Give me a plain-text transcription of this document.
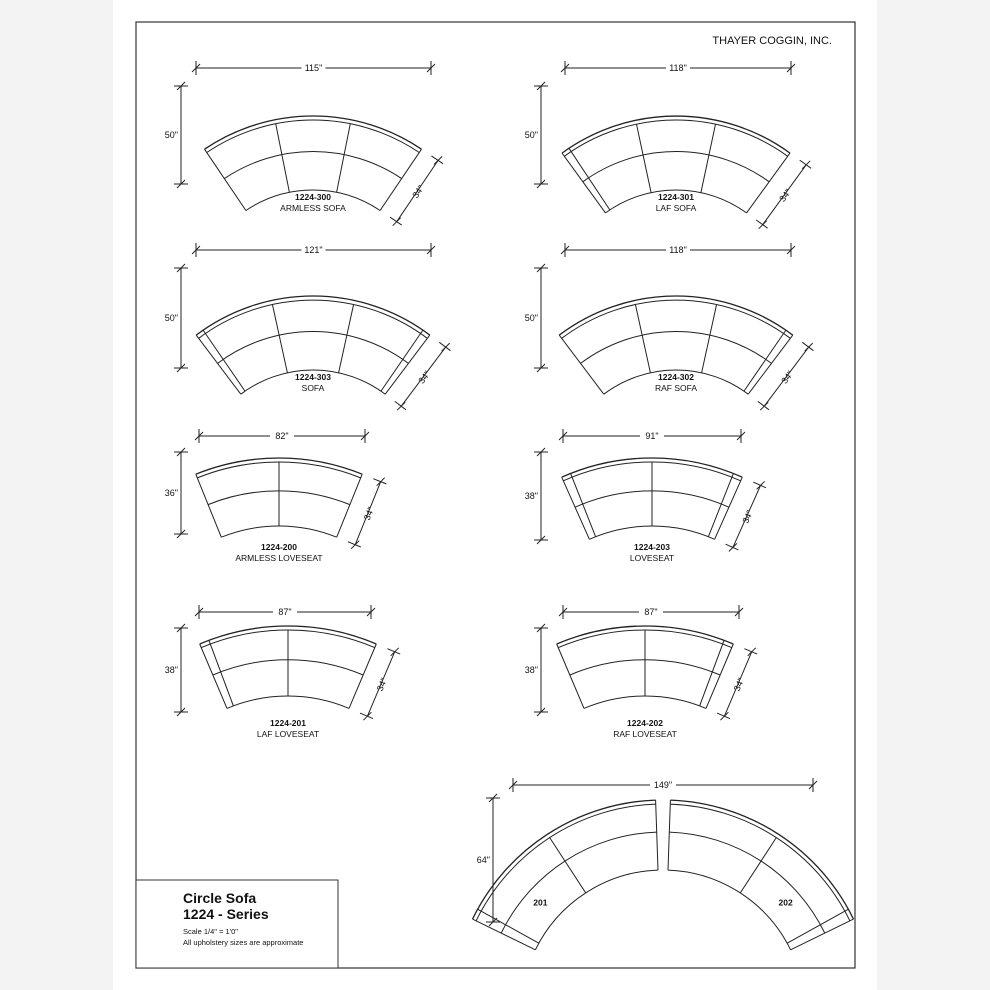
THAYER COGGIN, INC.
115"
50"
34"
1224-300
ARMLESS SOFA
118"
50"
34"
1224-301
LAF SOFA
121"
50"
34"
1224-303
SOFA
118"
50"
34"
1224-302
RAF SOFA
82"
36"
34"
1224-200
ARMLESS LOVESEAT
91"
38"
34"
1224-203
LOVESEAT
87"
38"
34"
1224-201
LAF LOVESEAT
87"
38"
34"
1224-202
RAF LOVESEAT
201	202
149"
64"
Circle Sofa
1224 - Series
Scale 1/4" = 1'0"
All upholstery sizes are approximate
